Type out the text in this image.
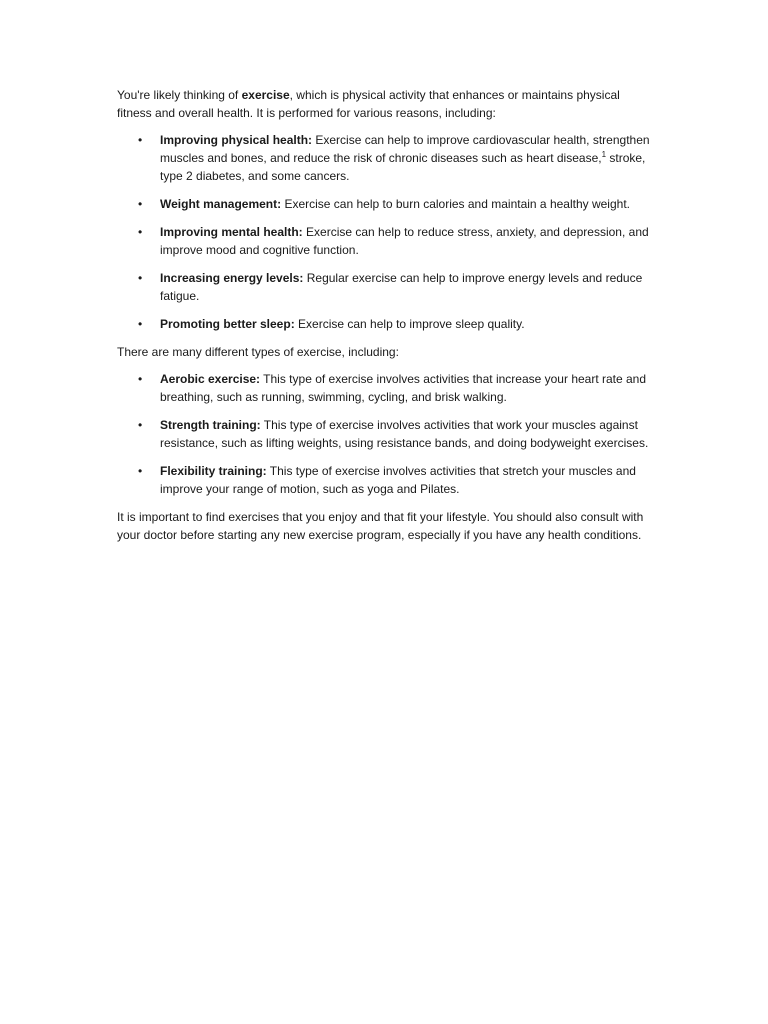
You're likely thinking of exercise, which is physical activity that enhances or maintains physical fitness and overall health. It is performed for various reasons, including:

• Improving physical health: Exercise can help to improve cardiovascular health, strengthen muscles and bones, and reduce the risk of chronic diseases such as heart disease,$^1$ stroke, type 2 diabetes, and some cancers.
• Weight management: Exercise can help to burn calories and maintain a healthy weight.
• Improving mental health: Exercise can help to reduce stress, anxiety, and depression, and improve mood and cognitive function.
• Increasing energy levels: Regular exercise can help to improve energy levels and reduce fatigue.
• Promoting better sleep: Exercise can help to improve sleep quality.

There are many different types of exercise, including:

• Aerobic exercise: This type of exercise involves activities that increase your heart rate and breathing, such as running, swimming, cycling, and brisk walking.
• Strength training: This type of exercise involves activities that work your muscles against resistance, such as lifting weights, using resistance bands, and doing bodyweight exercises.
• Flexibility training: This type of exercise involves activities that stretch your muscles and improve your range of motion, such as yoga and Pilates.

It is important to find exercises that you enjoy and that fit your lifestyle. You should also consult with your doctor before starting any new exercise program, especially if you have any health conditions.
